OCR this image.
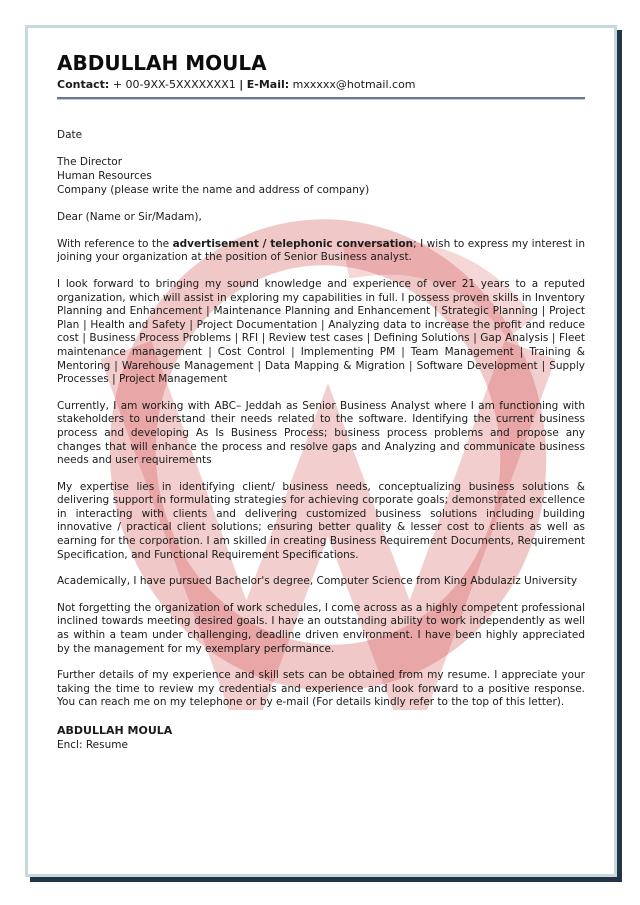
ABDULLAH MOULA
Contact: + 00-9XX-5XXXXXXX1 | E-Mail: mxxxxx@hotmail.com
Date
The Director
Human Resources
Company (please write the name and address of company)
Dear (Name or Sir/Madam),

With reference to the advertisement / telephonic conversation; I wish to express my interest in joining your organization at the position of Senior Business analyst.

I look forward to bringing my sound knowledge and experience of over 21 years to a reputed organization, which will assist in exploring my capabilities in full. I possess proven skills in Inventory Planning and Enhancement | Maintenance Planning and Enhancement | Strategic Planning | Project Plan | Health and Safety | Project Documentation | Analyzing data to increase the profit and reduce cost | Business Process Problems | RFI | Review test cases | Defining Solutions | Gap Analysis | Fleet maintenance management | Cost Control | Implementing PM | Team Management | Training & Mentoring | Warehouse Management | Data Mapping & Migration | Software Development | Supply Processes | Project Management

Currently, I am working with ABC– Jeddah as Senior Business Analyst where I am functioning with stakeholders to understand their needs related to the software. Identifying the current business process and developing As Is Business Process; business process problems and propose any changes that will enhance the process and resolve gaps and Analyzing and communicate business needs and user requirements

My expertise lies in identifying client/ business needs, conceptualizing business solutions & delivering support in formulating strategies for achieving corporate goals; demonstrated excellence in interacting with clients and delivering customized business solutions including building innovative / practical client solutions; ensuring better quality & lesser cost to clients as well as earning for the corporation. I am skilled in creating Business Requirement Documents, Requirement Specification, and Functional Requirement Specifications.

Academically, I have pursued Bachelor's degree, Computer Science from King Abdulaziz University

Not forgetting the organization of work schedules, I come across as a highly competent professional inclined towards meeting desired goals. I have an outstanding ability to work independently as well as within a team under challenging, deadline driven environment. I have been highly appreciated by the management for my exemplary performance.

Further details of my experience and skill sets can be obtained from my resume. I appreciate your taking the time to review my credentials and experience and look forward to a positive response. You can reach me on my telephone or by e-mail (For details kindly refer to the top of this letter).

ABDULLAH MOULA
Encl: Resume
